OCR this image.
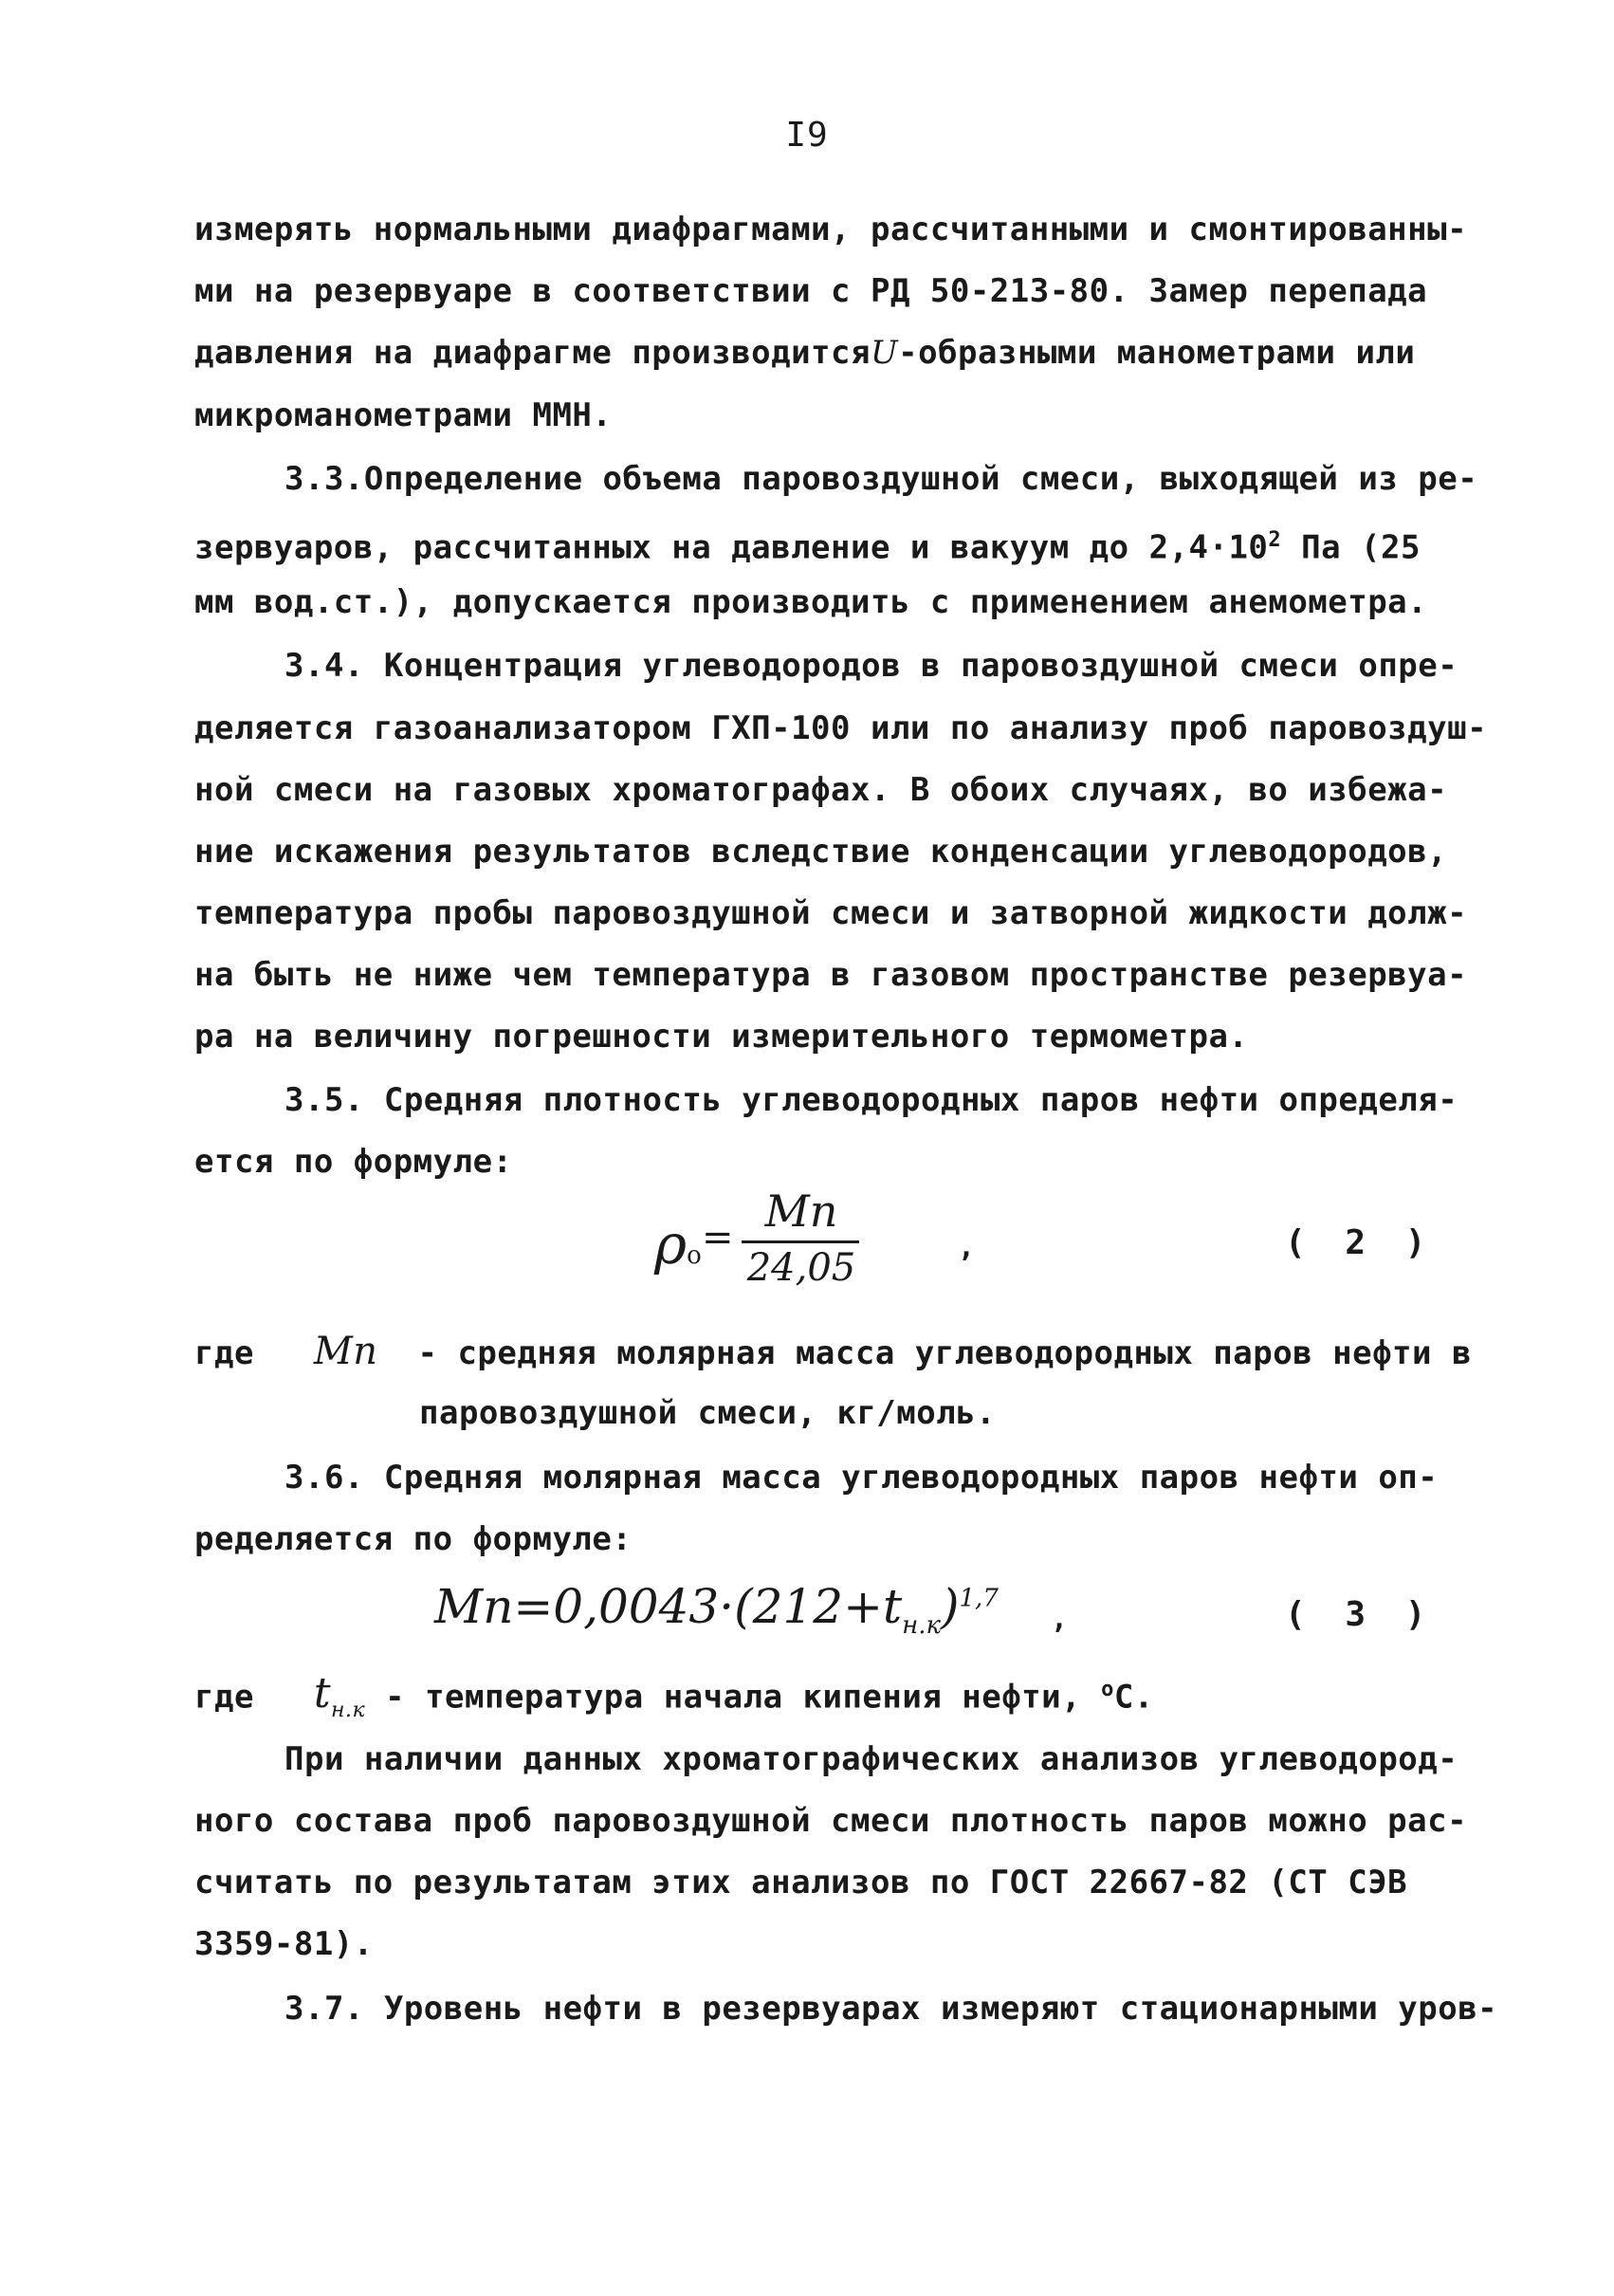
I9
измерять нормальными диафрагмами, рассчитанными и смонтированны-
ми на резервуаре в соответствии с РД 50-213-80. Замер перепада
давления на диафрагме производитсяU-образными манометрами или
микроманометрами ММН.
3.3.Определение объема паровоздушной смеси, выходящей из ре-
зервуаров, рассчитанных на давление и вакуум до $2,4\cdot 10^2$ Па (25
мм вод.ст.), допускается производить с применением анемометра.
3.4. Концентрация углеводородов в паровоздушной смеси опре-
деляется газоанализатором ГХП-100 или по анализу проб паровоздуш-
ной смеси на газовых хроматографах. В обоих случаях, во избежа-
ние искажения результатов вследствие конденсации углеводородов,
температура пробы паровоздушной смеси и затворной жидкости долж-
на быть не ниже чем температура в газовом пространстве резервуа-
ра на величину погрешности измерительного термометра.
3.5. Средняя плотность углеводородных паров нефти определя-
ется по формуле:
ρо =
Mп
24,05	,	( 2 )
где Mп - средняя молярная масса углеводородных паров нефти в
паровоздушной смеси, кг/моль.
3.6. Средняя молярная масса углеводородных паров нефти оп-
ределяется по формуле:
$Mп=0,0043\cdot(212+t_{н.к})^{1,7}$
,	( 3 )
где $t_{н.к}$ - температура начала кипения нефти, $^о$С.
При наличии данных хроматографических анализов углеводород-
ного состава проб паровоздушной смеси плотность паров можно рас-
считать по результатам этих анализов по ГОСТ 22667-82 (СТ СЭВ
3359-81).
3.7. Уровень нефти в резервуарах измеряют стационарными уров-
